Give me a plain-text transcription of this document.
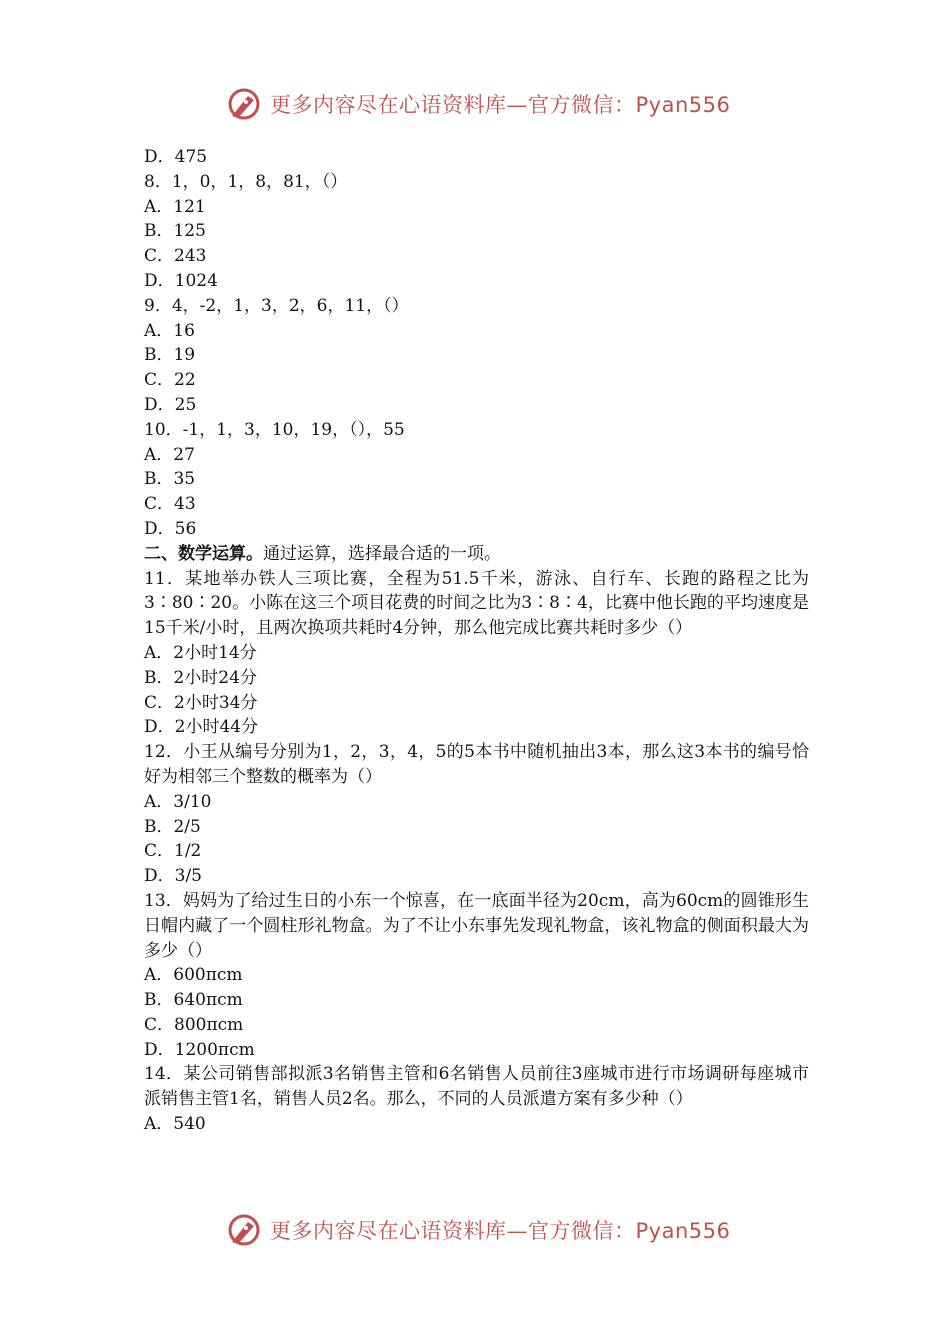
更多内容尽在心语资料库—官方微信：Pyan556
D．475
8．1，0，1，8，81，（）
A．121
B．125
C．243
D．1024
9．4，-2，1，3，2，6，11，（）
A．16
B．19
C．22
D．25
10．-1，1，3，10，19，（），55
A．27
B．35
C．43
D．56
二、数学运算。通过运算，选择最合适的一项。
11．某地举办铁人三项比赛，全程为51.5千米，游泳、自行车、长跑的路程之比为3∶80∶20。小陈在这三个项目花费的时间之比为3∶8∶4，比赛中他长跑的平均速度是15千米/小时，且两次换项共耗时4分钟，那么他完成比赛共耗时多少（）
A．2小时14分
B．2小时24分
C．2小时34分
D．2小时44分
12．小王从编号分别为1，2，3，4，5的5本书中随机抽出3本，那么这3本书的编号恰好为相邻三个整数的概率为（）
A．3/10
B．2/5
C．1/2
D．3/5
13．妈妈为了给过生日的小东一个惊喜，在一底面半径为20cm，高为60cm的圆锥形生日帽内藏了一个圆柱形礼物盒。为了不让小东事先发现礼物盒，该礼物盒的侧面积最大为多少（）
A．600πcm
B．640πcm
C．800πcm
D．1200πcm
14．某公司销售部拟派3名销售主管和6名销售人员前往3座城市进行市场调研每座城市派销售主管1名，销售人员2名。那么，不同的人员派遣方案有多少种（）
A．540
更多内容尽在心语资料库—官方微信：Pyan556
